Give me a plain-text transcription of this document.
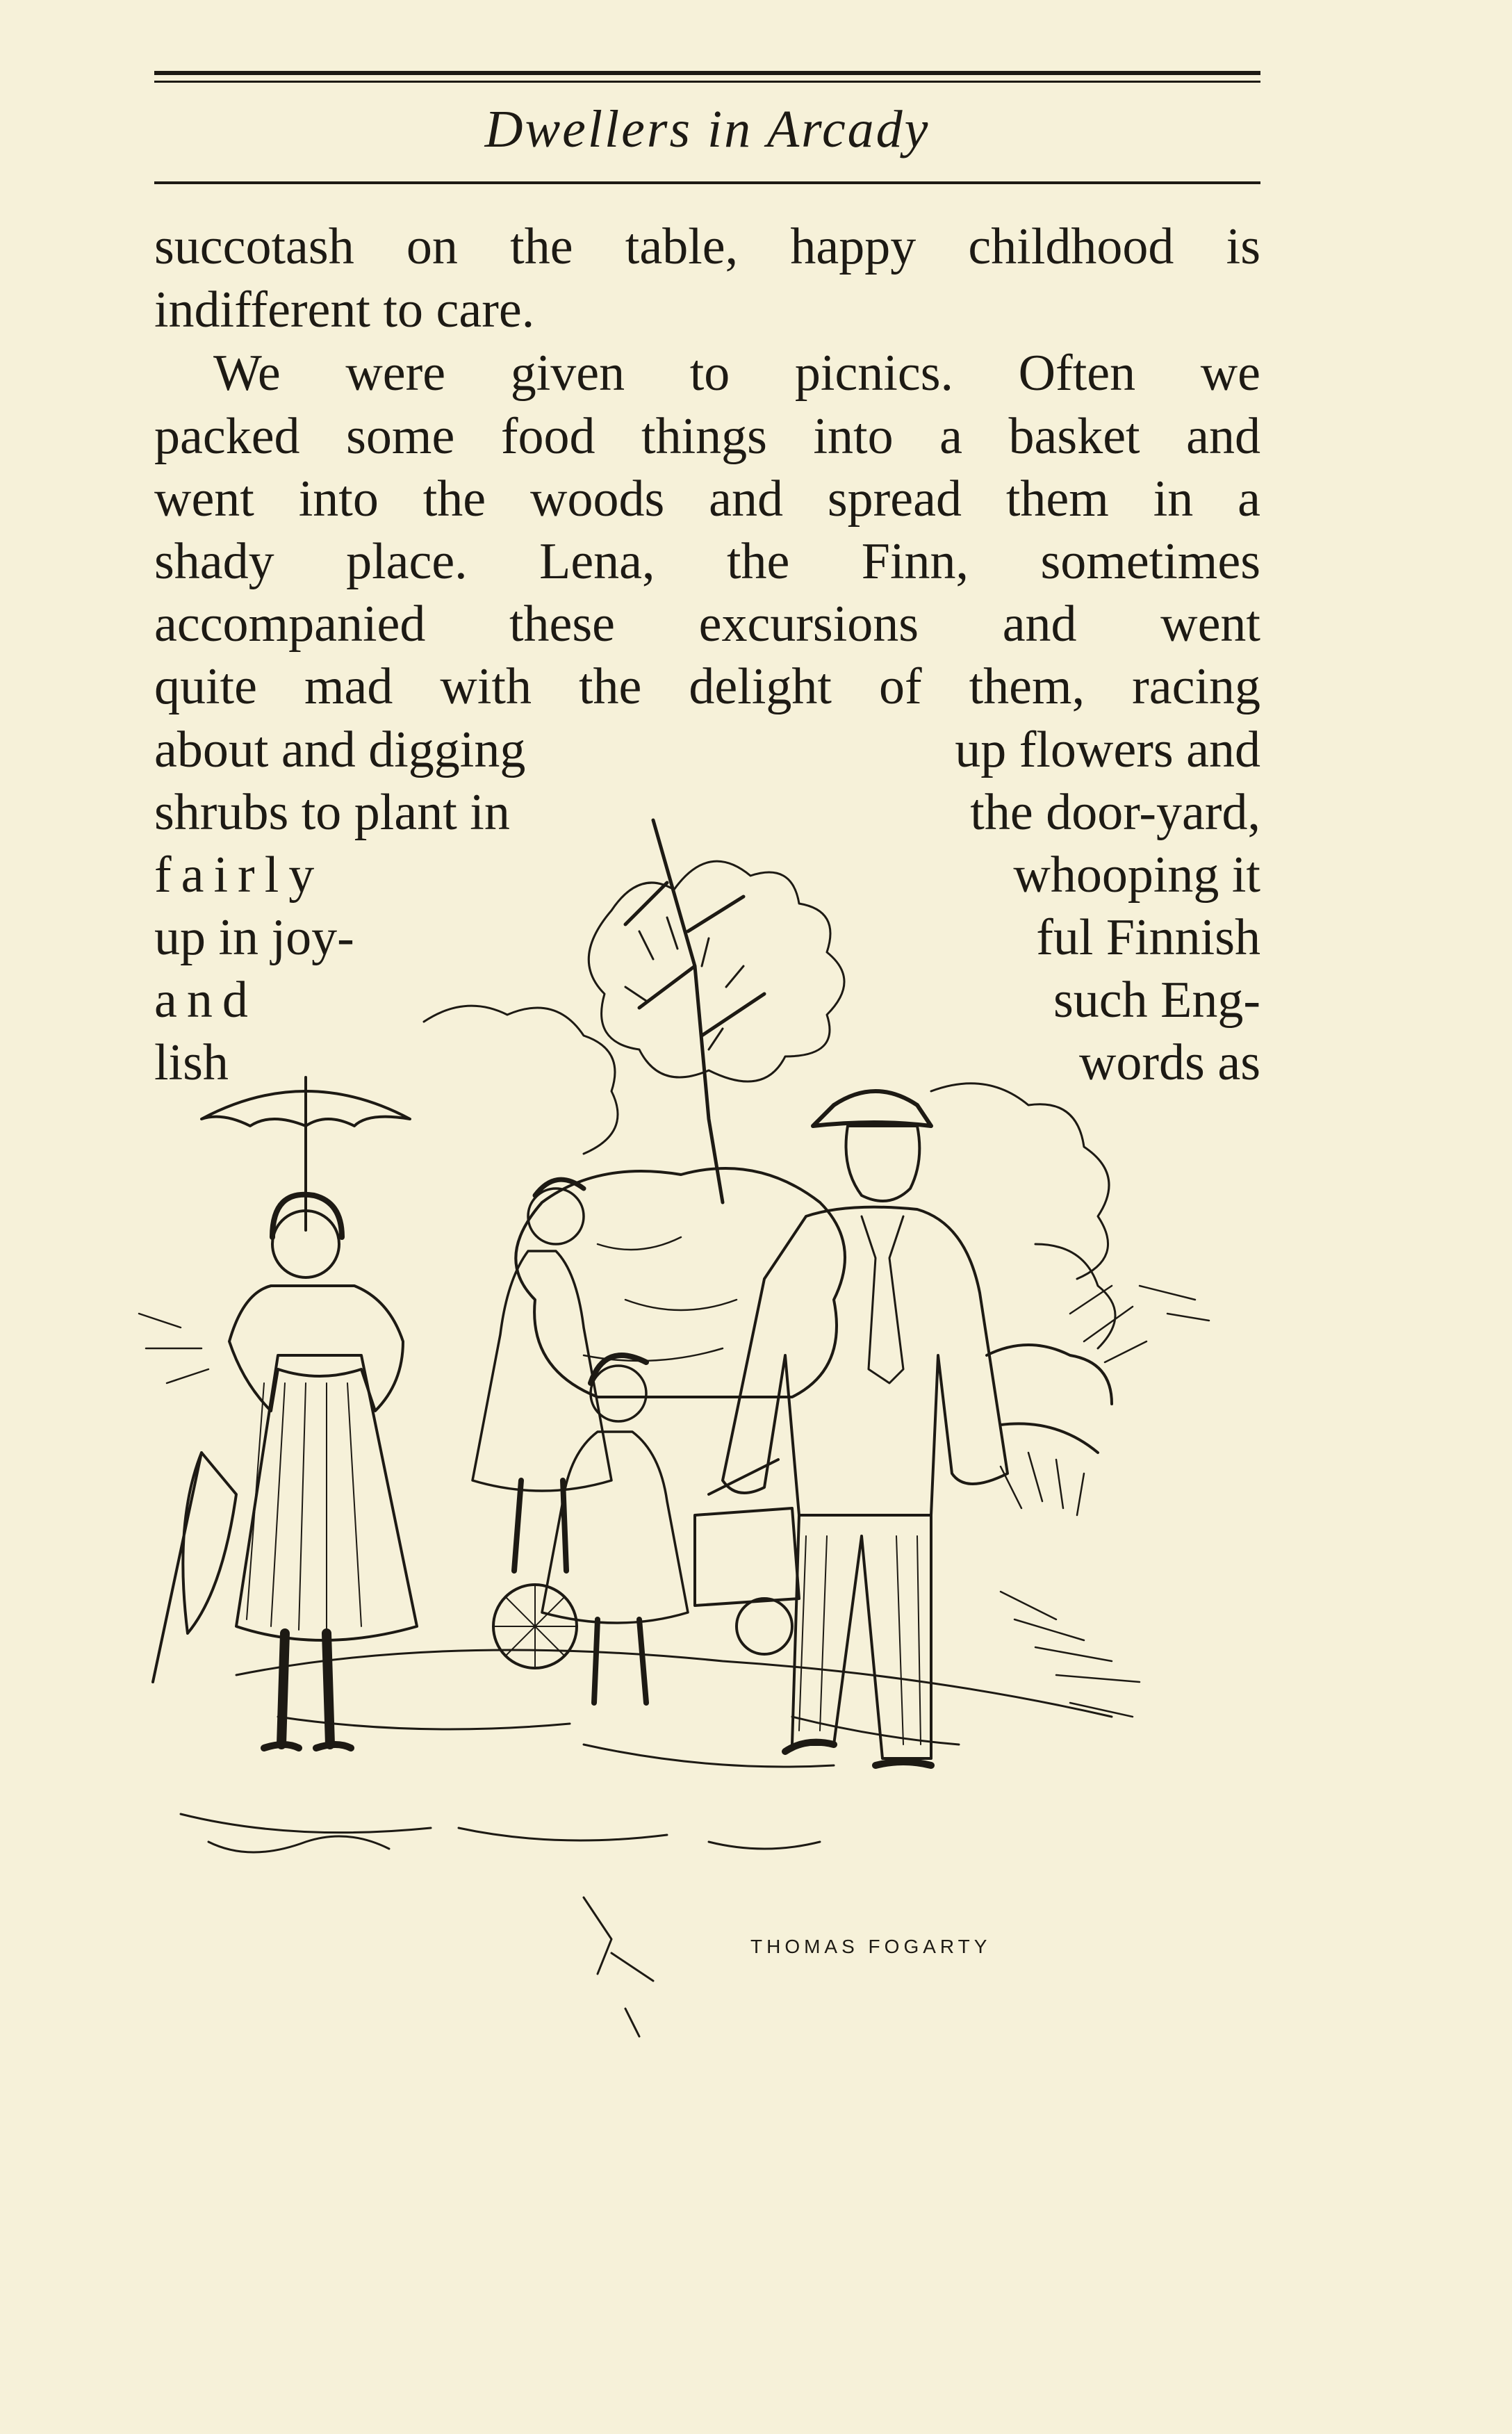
Dwellers in Arcady
succotash on the table, happy childhood is
indifferent to care.
We were given to picnics. Often we
packed some food things into a basket and
went into the woods and spread them in a
shady place. Lena, the Finn, sometimes
accompanied these excursions and went
quite mad with the delight of them, racing
about and digging	up flowers and
shrubs to plant in	the door-yard,
fairly	whooping it
up in joy-	ful Finnish
and	such Eng-
lish	words as
THOMAS FOGARTY
